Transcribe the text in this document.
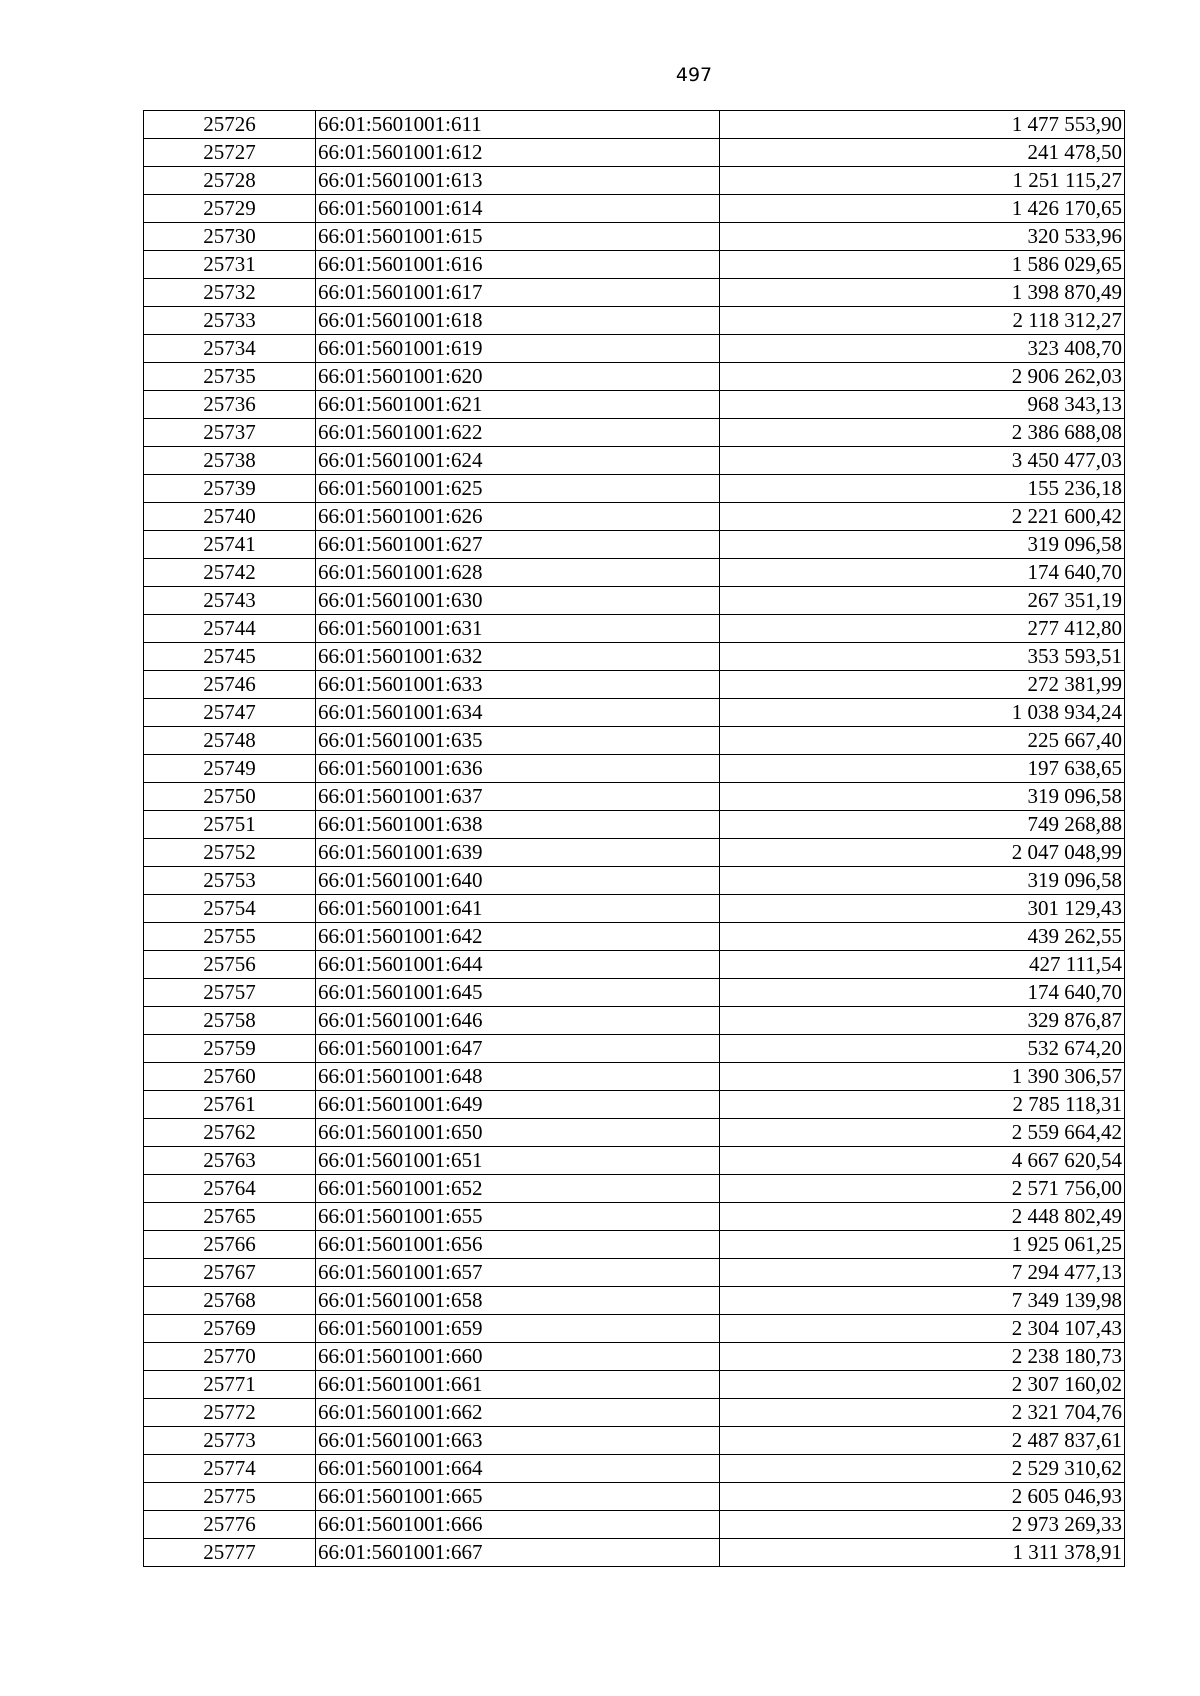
497
25726	66:01:5601001:611	1 477 553,90
25727	66:01:5601001:612	241 478,50
25728	66:01:5601001:613	1 251 115,27
25729	66:01:5601001:614	1 426 170,65
25730	66:01:5601001:615	320 533,96
25731	66:01:5601001:616	1 586 029,65
25732	66:01:5601001:617	1 398 870,49
25733	66:01:5601001:618	2 118 312,27
25734	66:01:5601001:619	323 408,70
25735	66:01:5601001:620	2 906 262,03
25736	66:01:5601001:621	968 343,13
25737	66:01:5601001:622	2 386 688,08
25738	66:01:5601001:624	3 450 477,03
25739	66:01:5601001:625	155 236,18
25740	66:01:5601001:626	2 221 600,42
25741	66:01:5601001:627	319 096,58
25742	66:01:5601001:628	174 640,70
25743	66:01:5601001:630	267 351,19
25744	66:01:5601001:631	277 412,80
25745	66:01:5601001:632	353 593,51
25746	66:01:5601001:633	272 381,99
25747	66:01:5601001:634	1 038 934,24
25748	66:01:5601001:635	225 667,40
25749	66:01:5601001:636	197 638,65
25750	66:01:5601001:637	319 096,58
25751	66:01:5601001:638	749 268,88
25752	66:01:5601001:639	2 047 048,99
25753	66:01:5601001:640	319 096,58
25754	66:01:5601001:641	301 129,43
25755	66:01:5601001:642	439 262,55
25756	66:01:5601001:644	427 111,54
25757	66:01:5601001:645	174 640,70
25758	66:01:5601001:646	329 876,87
25759	66:01:5601001:647	532 674,20
25760	66:01:5601001:648	1 390 306,57
25761	66:01:5601001:649	2 785 118,31
25762	66:01:5601001:650	2 559 664,42
25763	66:01:5601001:651	4 667 620,54
25764	66:01:5601001:652	2 571 756,00
25765	66:01:5601001:655	2 448 802,49
25766	66:01:5601001:656	1 925 061,25
25767	66:01:5601001:657	7 294 477,13
25768	66:01:5601001:658	7 349 139,98
25769	66:01:5601001:659	2 304 107,43
25770	66:01:5601001:660	2 238 180,73
25771	66:01:5601001:661	2 307 160,02
25772	66:01:5601001:662	2 321 704,76
25773	66:01:5601001:663	2 487 837,61
25774	66:01:5601001:664	2 529 310,62
25775	66:01:5601001:665	2 605 046,93
25776	66:01:5601001:666	2 973 269,33
25777	66:01:5601001:667	1 311 378,91
